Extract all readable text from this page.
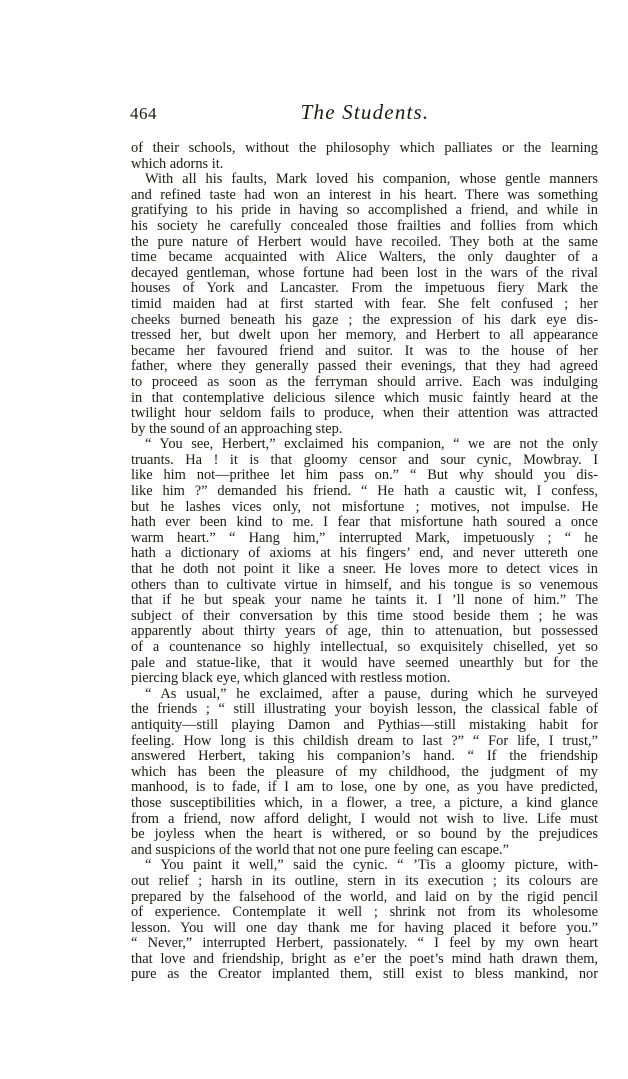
464	The Students.
of their schools, without the philosophy which palliates or the learning
which adorns it.
With all his faults, Mark loved his companion, whose gentle manners
and refined taste had won an interest in his heart. There was something
gratifying to his pride in having so accomplished a friend, and while in
his society he carefully concealed those frailties and follies from which
the pure nature of Herbert would have recoiled. They both at the same
time became acquainted with Alice Walters, the only daughter of a
decayed gentleman, whose fortune had been lost in the wars of the rival
houses of York and Lancaster. From the impetuous fiery Mark the
timid maiden had at first started with fear. She felt confused ; her
cheeks burned beneath his gaze ; the expression of his dark eye dis-
tressed her, but dwelt upon her memory, and Herbert to all appearance
became her favoured friend and suitor. It was to the house of her
father, where they generally passed their evenings, that they had agreed
to proceed as soon as the ferryman should arrive. Each was indulging
in that contemplative delicious silence which music faintly heard at the
twilight hour seldom fails to produce, when their attention was attracted
by the sound of an approaching step.
“ You see, Herbert,” exclaimed his companion, “ we are not the only
truants. Ha ! it is that gloomy censor and sour cynic, Mowbray. I
like him not—prithee let him pass on.” “ But why should you dis-
like him ?” demanded his friend. “ He hath a caustic wit, I confess,
but he lashes vices only, not misfortune ; motives, not impulse. He
hath ever been kind to me. I fear that misfortune hath soured a once
warm heart.” “ Hang him,” interrupted Mark, impetuously ; “ he
hath a dictionary of axioms at his fingers’ end, and never uttereth one
that he doth not point it like a sneer. He loves more to detect vices in
others than to cultivate virtue in himself, and his tongue is so venemous
that if he but speak your name he taints it. I ’ll none of him.” The
subject of their conversation by this time stood beside them ; he was
apparently about thirty years of age, thin to attenuation, but possessed
of a countenance so highly intellectual, so exquisitely chiselled, yet so
pale and statue-like, that it would have seemed unearthly but for the
piercing black eye, which glanced with restless motion.
“ As usual,” he exclaimed, after a pause, during which he surveyed
the friends ; “ still illustrating your boyish lesson, the classical fable of
antiquity—still playing Damon and Pythias—still mistaking habit for
feeling. How long is this childish dream to last ?” “ For life, I trust,”
answered Herbert, taking his companion’s hand. “ If the friendship
which has been the pleasure of my childhood, the judgment of my
manhood, is to fade, if I am to lose, one by one, as you have predicted,
those susceptibilities which, in a flower, a tree, a picture, a kind glance
from a friend, now afford delight, I would not wish to live. Life must
be joyless when the heart is withered, or so bound by the prejudices
and suspicions of the world that not one pure feeling can escape.”
“ You paint it well,” said the cynic. “ ’Tis a gloomy picture, with-
out relief ; harsh in its outline, stern in its execution ; its colours are
prepared by the falsehood of the world, and laid on by the rigid pencil
of experience. Contemplate it well ; shrink not from its wholesome
lesson. You will one day thank me for having placed it before you.”
“ Never,” interrupted Herbert, passionately. “ I feel by my own heart
that love and friendship, bright as e’er the poet’s mind hath drawn them,
pure as the Creator implanted them, still exist to bless mankind, nor
